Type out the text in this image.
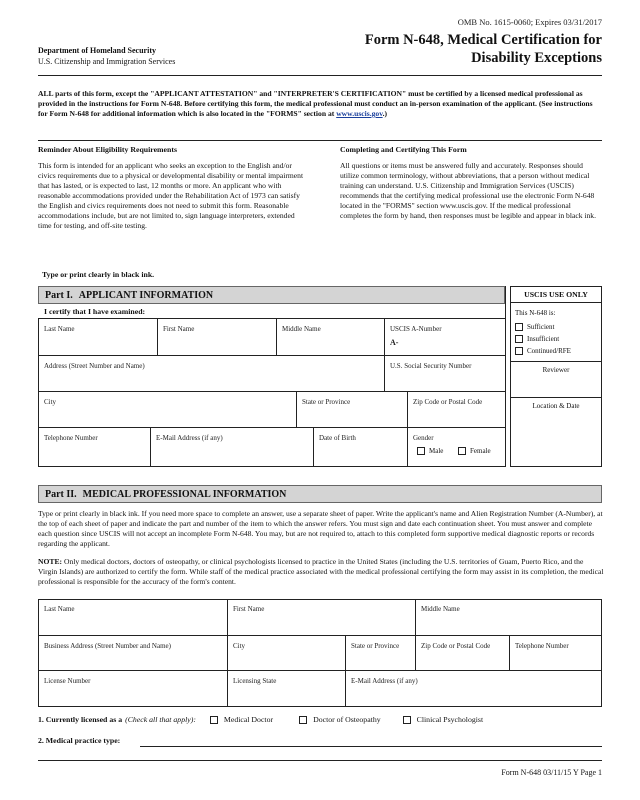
OMB No. 1615-0060; Expires 03/31/2017
Department of Homeland Security
U.S. Citizenship and Immigration Services
Form N-648, Medical Certification for
Disability Exceptions
ALL parts of this form, except the "APPLICANT ATTESTATION" and "INTERPRETER'S CERTIFICATION" must be certified by a licensed medical professional as provided in the instructions for Form N-648. Before certifying this form, the medical professional must conduct an in-person examination of the applicant. (See instructions for Form N-648 for additional information which is also located in the "FORMS" section at www.uscis.gov.)
Reminder About Eligibility Requirements
This form is intended for an applicant who seeks an exception to the English and/or civics requirements due to a physical or developmental disability or mental impairment that has lasted, or is expected to last, 12 months or more. An applicant who with reasonable accommodations provided under the Rehabilitation Act of 1973 can satisfy the English and civics requirements does not need to submit this form. Reasonable accommodations include, but are not limited to, sign language interpreters, extended time for testing, and off-site testing.
Completing and Certifying This Form
All questions or items must be answered fully and accurately. Responses should utilize common terminology, without abbreviations, that a person without medical training can understand. U.S. Citizenship and Immigration Services (USCIS) recommends that the certifying medical professional use the electronic Form N-648 located in the "FORMS" section www.uscis.gov. If the medical professional completes the form by hand, then responses must be legible and appear in black ink.
Type or print clearly in black ink.
Part I. APPLICANT INFORMATION
I certify that I have examined:
Last Name	First Name	Middle Name	USCIS A-Number
A-
Address (Street Number and Name)	U.S. Social Security Number
City	State or Province	Zip Code or Postal Code
Telephone Number	E-Mail Address (if any)	Date of Birth	Gender
Male	Female
USCIS USE ONLY
This N-648 is:
Sufficient
Insufficient
Continued/RFE
Reviewer
Location & Date
Part II. MEDICAL PROFESSIONAL INFORMATION
Type or print clearly in black ink. If you need more space to complete an answer, use a separate sheet of paper. Write the applicant's name and Alien Registration Number (A-Number), at the top of each sheet of paper and indicate the part and number of the item to which the answer refers. You must sign and date each continuation sheet. You must answer and complete each question since USCIS will not accept an incomplete Form N-648. You may, but are not required to, attach to this completed form supportive medical diagnostic reports or records regarding the applicant.
NOTE: Only medical doctors, doctors of osteopathy, or clinical psychologists licensed to practice in the United States (including the U.S. territories of Guam, Puerto Rico, and the Virgin Islands) are authorized to certify the form. While staff of the medical practice associated with the medical professional certifying the form may assist in its completion, the medical professional is responsible for the accuracy of the form's content.
Last Name	First Name	Middle Name
Business Address (Street Number and Name)	City	State or Province	Zip Code or Postal Code	Telephone Number
License Number	Licensing State	E-Mail Address (if any)
1. Currently licensed as a (Check all that apply):	Medical Doctor	Doctor of Osteopathy	Clinical Psychologist
2. Medical practice type:
Form N-648 03/11/15 Y Page 1
